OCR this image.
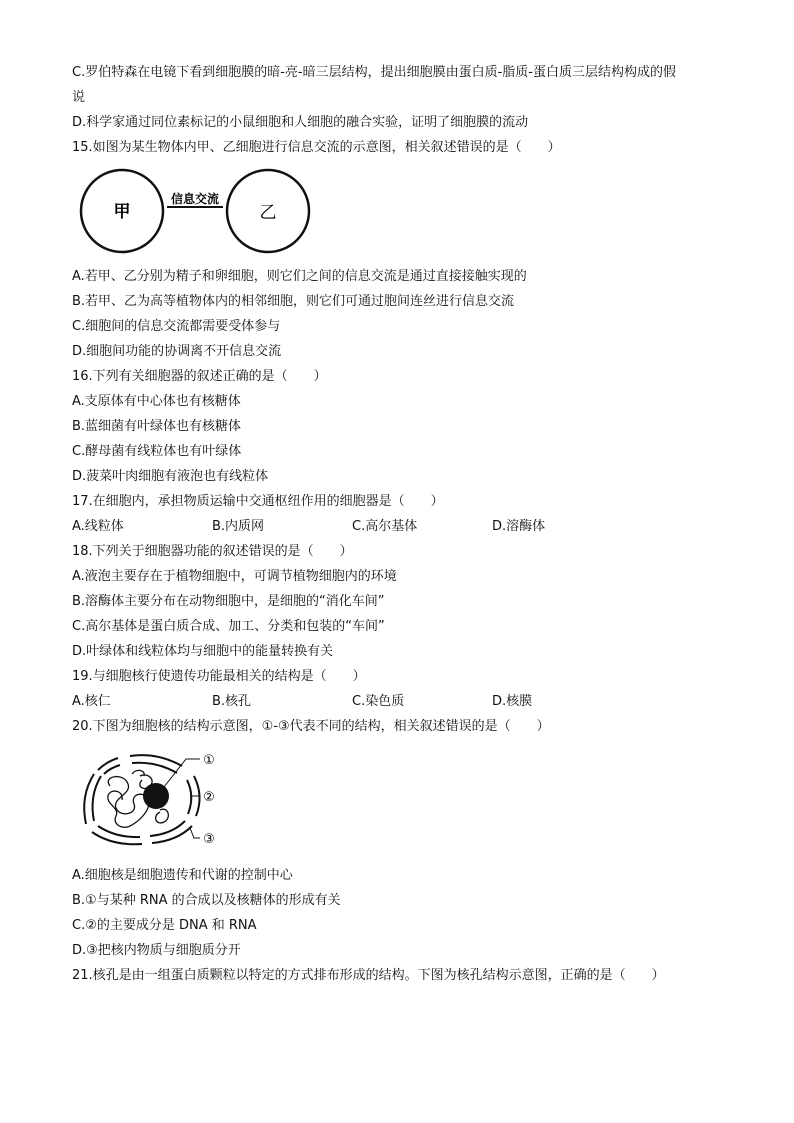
C.罗伯特森在电镜下看到细胞膜的暗-亮-暗三层结构，提出细胞膜由蛋白质-脂质-蛋白质三层结构构成的假
说
D.科学家通过同位素标记的小鼠细胞和人细胞的融合实验，证明了细胞膜的流动
15.如图为某生物体内甲、乙细胞进行信息交流的示意图，相关叙述错误的是（　　）
甲	乙
信息交流
A.若甲、乙分别为精子和卵细胞，则它们之间的信息交流是通过直接接触实现的
B.若甲、乙为高等植物体内的相邻细胞，则它们可通过胞间连丝进行信息交流
C.细胞间的信息交流都需要受体参与
D.细胞间功能的协调离不开信息交流
16.下列有关细胞器的叙述正确的是（　　）
A.支原体有中心体也有核糖体
B.蓝细菌有叶绿体也有核糖体
C.酵母菌有线粒体也有叶绿体
D.菠菜叶肉细胞有液泡也有线粒体
17.在细胞内，承担物质运输中交通枢纽作用的细胞器是（　　）
A.线粒体	B.内质网	C.高尔基体	D.溶酶体
18.下列关于细胞器功能的叙述错误的是（　　）
A.液泡主要存在于植物细胞中，可调节植物细胞内的环境
B.溶酶体主要分布在动物细胞中，是细胞的“消化车间”
C.高尔基体是蛋白质合成、加工、分类和包装的“车间”
D.叶绿体和线粒体均与细胞中的能量转换有关
19.与细胞核行使遗传功能最相关的结构是（　　）
A.核仁	B.核孔	C.染色质	D.核膜
20.下图为细胞核的结构示意图，①-③代表不同的结构，相关叙述错误的是（　　）
①
②
③
A.细胞核是细胞遗传和代谢的控制中心
B.①与某种 RNA 的合成以及核糖体的形成有关
C.②的主要成分是 DNA 和 RNA
D.③把核内物质与细胞质分开
21.核孔是由一组蛋白质颗粒以特定的方式排布形成的结构。下图为核孔结构示意图，正确的是（　　）
